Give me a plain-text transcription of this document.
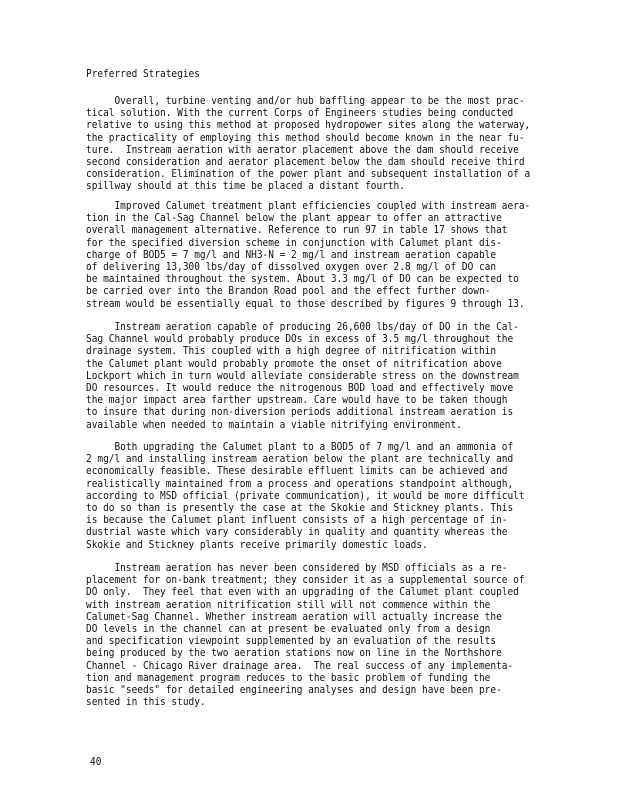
Preferred Strategies
Overall, turbine venting and/or hub baffling appear to be the most prac-
tical solution. With the current Corps of Engineers studies being conducted
relative to using this method at proposed hydropower sites along the waterway,
the practicality of employing this method should become known in the near fu-
ture.  Instream aeration with aerator placement above the dam should receive
second consideration and aerator placement below the dam should receive third
consideration. Elimination of the power plant and subsequent installation of a
spillway should at this time be placed a distant fourth.
Improved Calumet treatment plant efficiencies coupled with instream aera-
tion in the Cal-Sag Channel below the plant appear to offer an attractive
overall management alternative. Reference to run 97 in table 17 shows that
for the specified diversion scheme in conjunction with Calumet plant dis-
charge of BOD5 = 7 mg/l and NH3-N = 2 mg/l and instream aeration capable
of delivering 13,300 lbs/day of dissolved oxygen over 2.8 mg/l of DO can
be maintained throughout the system. About 3.3 mg/l of DO can be expected to
be carried over into the Brandon Road pool and the effect further down-
stream would be essentially equal to those described by figures 9 through 13.
Instream aeration capable of producing 26,600 lbs/day of DO in the Cal-
Sag Channel would probably produce DOs in excess of 3.5 mg/l throughout the
drainage system. This coupled with a high degree of nitrification within
the Calumet plant would probably promote the onset of nitrification above
Lockport which in turn would alleviate considerable stress on the downstream
DO resources. It would reduce the nitrogenous BOD load and effectively move
the major impact area farther upstream. Care would have to be taken though
to insure that during non-diversion periods additional instream aeration is
available when needed to maintain a viable nitrifying environment.
Both upgrading the Calumet plant to a BOD5 of 7 mg/l and an ammonia of
2 mg/l and installing instream aeration below the plant are technically and
economically feasible. These desirable effluent limits can be achieved and
realistically maintained from a process and operations standpoint although,
according to MSD official (private communication), it would be more difficult
to do so than is presently the case at the Skokie and Stickney plants. This
is because the Calumet plant influent consists of a high percentage of in-
dustrial waste which vary considerably in quality and quantity whereas the
Skokie and Stickney plants receive primarily domestic loads.
Instream aeration has never been considered by MSD officials as a re-
placement for on-bank treatment; they consider it as a supplemental source of
DO only.  They feel that even with an upgrading of the Calumet plant coupled
with instream aeration nitrification still will not commence within the
Calumet-Sag Channel. Whether instream aeration will actually increase the
DO levels in the channel can at present be evaluated only from a design
and specification viewpoint supplemented by an evaluation of the results
being produced by the two aeration stations now on line in the Northshore
Channel - Chicago River drainage area.  The real success of any implementa-
tion and management program reduces to the basic problem of funding the
basic "seeds" for detailed engineering analyses and design have been pre-
sented in this study.
40
